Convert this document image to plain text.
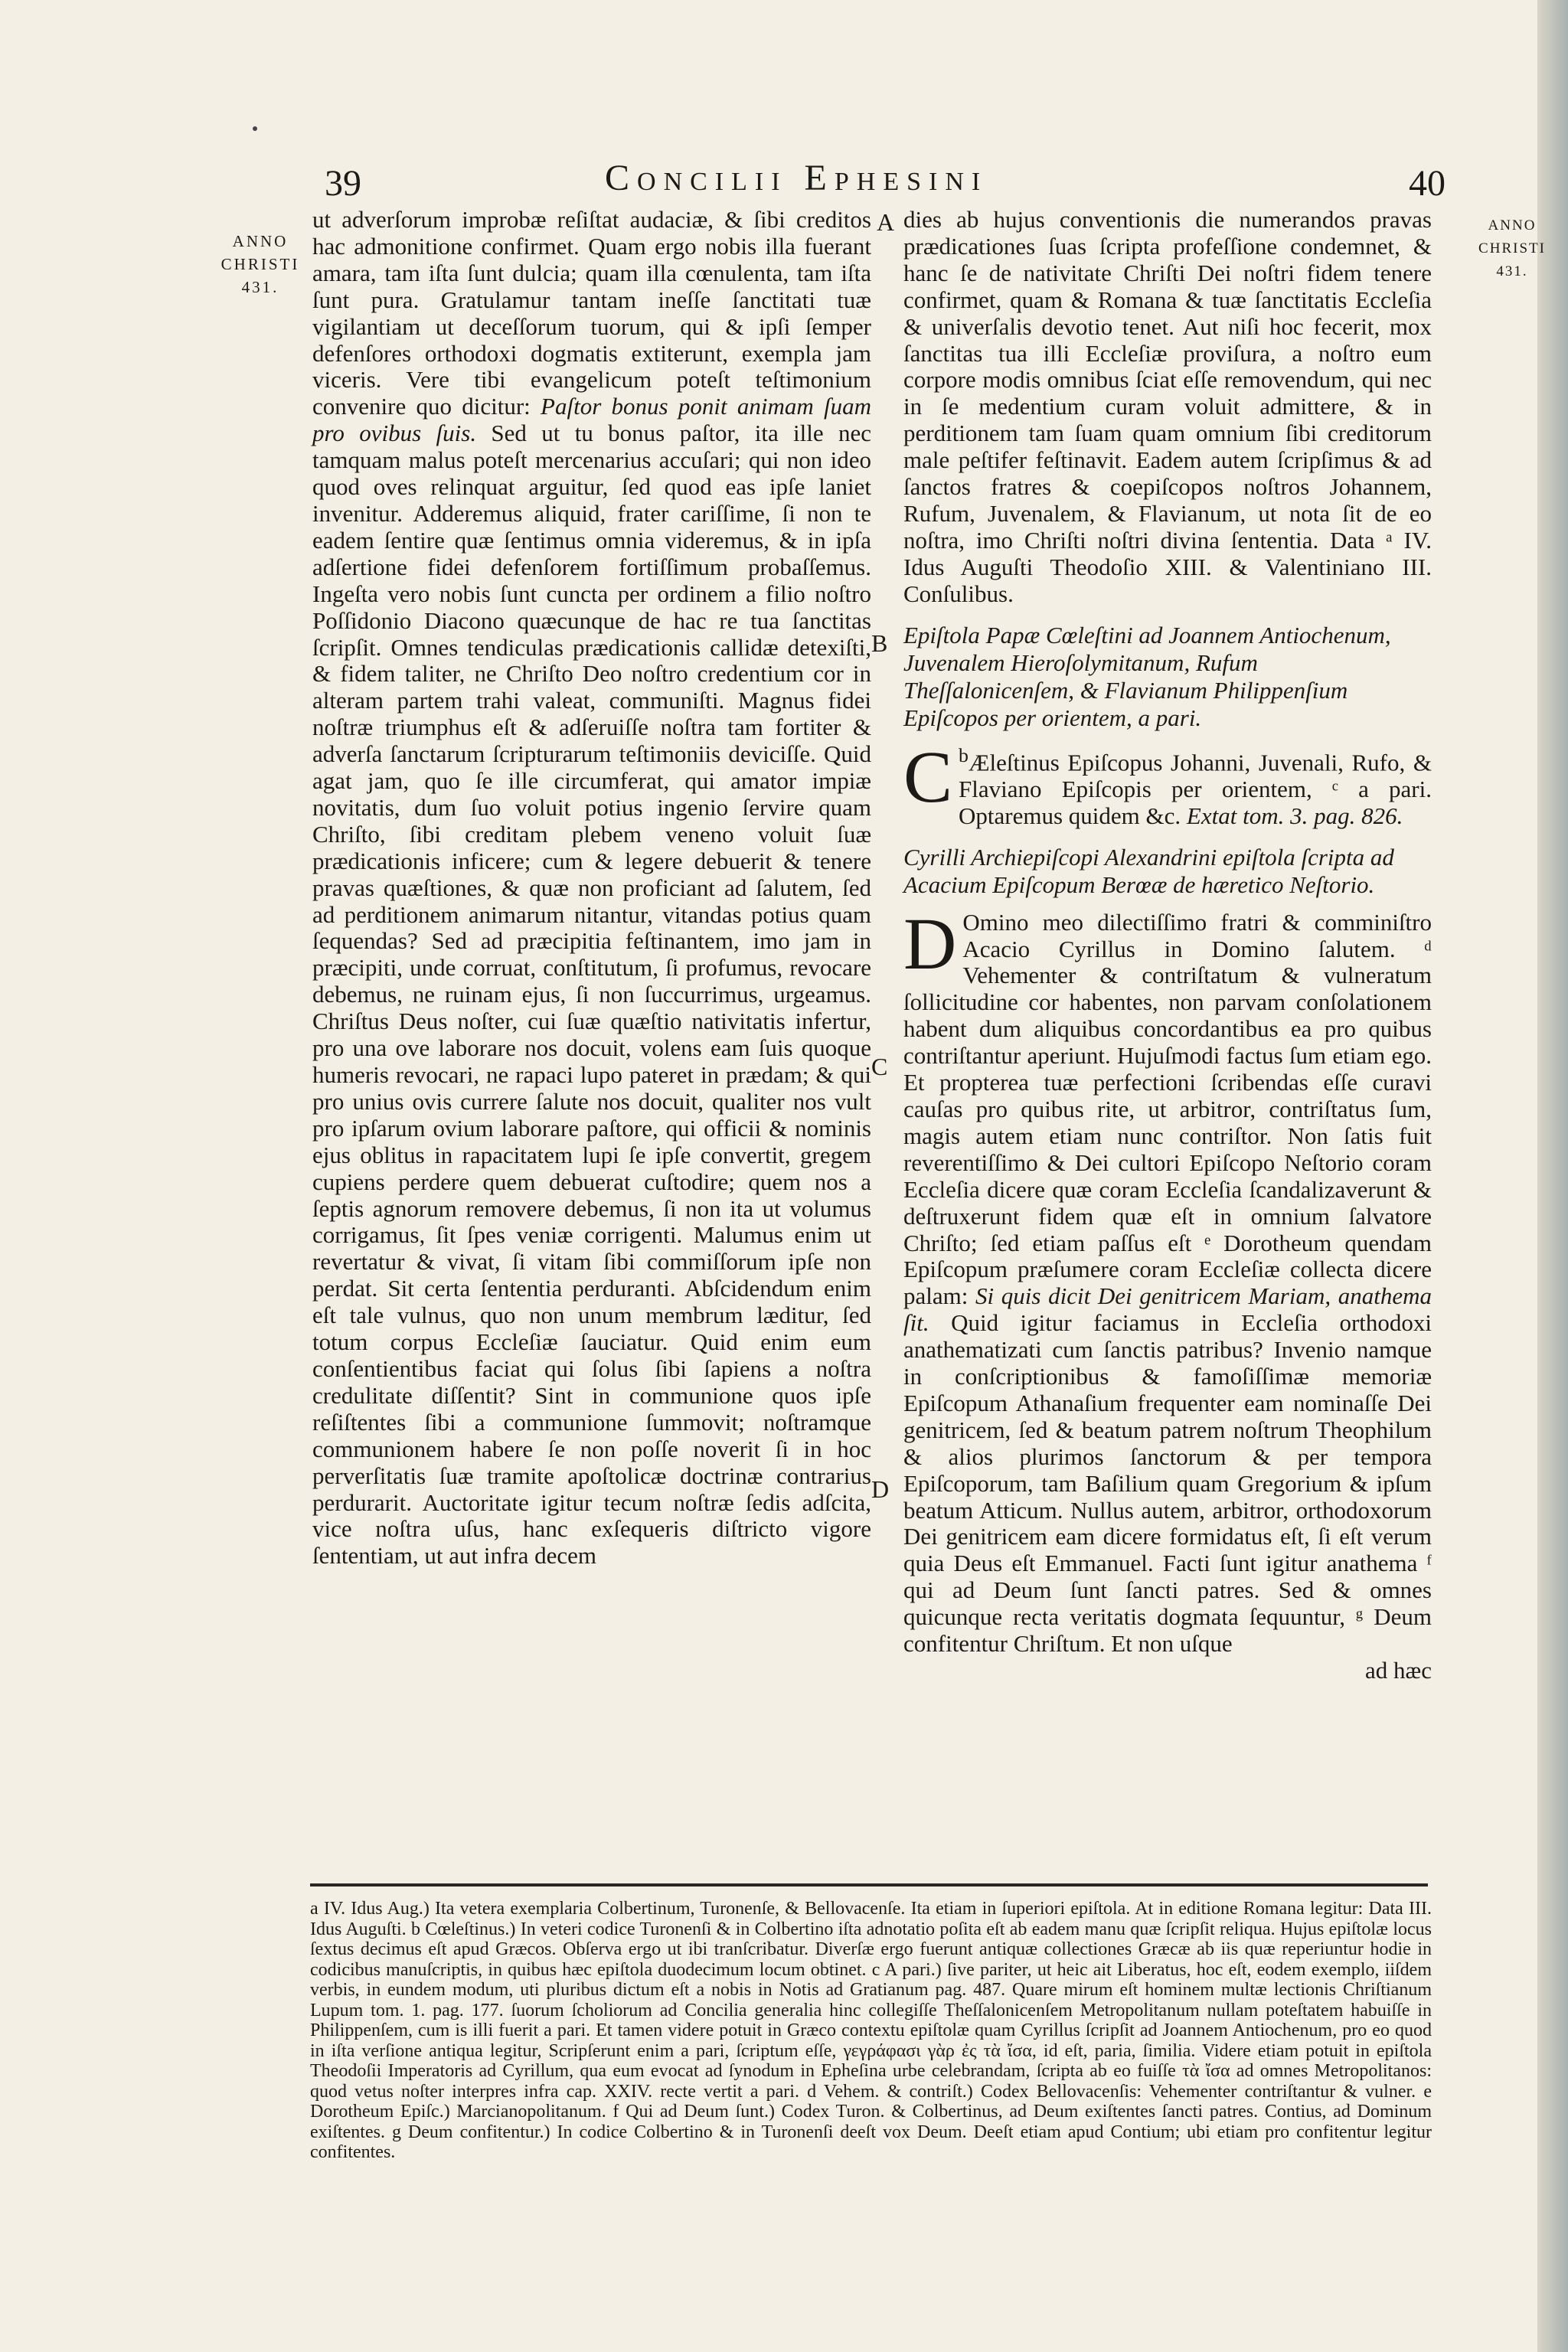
39	Concilii Ephesini	40
ANNO
CHRISTI
431.
ANNO
CHRISTI
431.
A
B
C
D

ut adverſorum improbæ reſiſtat audaciæ, & ſibi creditos hac admonitione confirmet. Quam ergo nobis illa fuerant amara, tam iſta ſunt dulcia; quam illa cœnulenta, tam iſta ſunt pura. Gratulamur tantam ineſſe ſanctitati tuæ vigilantiam ut deceſſorum tuorum, qui & ipſi ſemper defenſores orthodoxi dogmatis extiterunt, exempla jam viceris. Vere tibi evangelicum poteſt teſtimonium convenire quo dicitur: Paſtor bonus ponit animam ſuam pro ovibus ſuis. Sed ut tu bonus paſtor, ita ille nec tamquam malus poteſt mercenarius accuſari; qui non ideo quod oves relinquat arguitur, ſed quod eas ipſe laniet invenitur. Adderemus aliquid, frater cariſſime, ſi non te eadem ſentire quæ ſentimus omnia videremus, & in ipſa adſertione fidei defenſorem fortiſſimum probaſſemus. Ingeſta vero nobis ſunt cuncta per ordinem a filio noſtro Poſſidonio Diacono quæcunque de hac re tua ſanctitas ſcripſit. Omnes tendiculas prædicationis callidæ detexiſti, & fidem taliter, ne Chriſto Deo noſtro credentium cor in alteram partem trahi valeat, communiſti. Magnus fidei noſtræ triumphus eſt & adſeruiſſe noſtra tam fortiter & adverſa ſanctarum ſcripturarum teſtimoniis deviciſſe. Quid agat jam, quo ſe ille circumferat, qui amator impiæ novitatis, dum ſuo voluit potius ingenio ſervire quam Chriſto, ſibi creditam plebem veneno voluit ſuæ prædicationis inficere; cum & legere debuerit & tenere pravas quæſtiones, & quæ non proficiant ad ſalutem, ſed ad perditionem animarum nitantur, vitandas potius quam ſequendas? Sed ad præcipitia feſtinantem, imo jam in præcipiti, unde corruat, conſtitutum, ſi profumus, revocare debemus, ne ruinam ejus, ſi non ſuccurrimus, urgeamus. Chriſtus Deus noſter, cui ſuæ quæſtio nativitatis infertur, pro una ove laborare nos docuit, volens eam ſuis quoque humeris revocari, ne rapaci lupo pateret in prædam; & qui pro unius ovis currere ſalute nos docuit, qualiter nos vult pro ipſarum ovium laborare paſtore, qui officii & nominis ejus oblitus in rapacitatem lupi ſe ipſe convertit, gregem cupiens perdere quem debuerat cuſtodire; quem nos a ſeptis agnorum removere debemus, ſi non ita ut volumus corrigamus, ſit ſpes veniæ corrigenti. Malumus enim ut revertatur & vivat, ſi vitam ſibi commiſſorum ipſe non perdat. Sit certa ſententia perduranti. Abſcidendum enim eſt tale vulnus, quo non unum membrum læditur, ſed totum corpus Eccleſiæ ſauciatur. Quid enim eum conſentientibus faciat qui ſolus ſibi ſapiens a noſtra credulitate diſſentit? Sint in communione quos ipſe reſiſtentes ſibi a communione ſummovit; noſtramque communionem habere ſe non poſſe noverit ſi in hoc perverſitatis ſuæ tramite apoſtolicæ doctrinæ contrarius perdurarit. Auctoritate igitur tecum noſtræ ſedis adſcita, vice noſtra uſus, hanc exſequeris diſtricto vigore ſententiam, ut aut infra decem

dies ab hujus conventionis die numerandos pravas prædicationes ſuas ſcripta profeſſione condemnet, & hanc ſe de nativitate Chriſti Dei noſtri fidem tenere confirmet, quam & Romana & tuæ ſanctitatis Eccleſia & univerſalis devotio tenet. Aut niſi hoc fecerit, mox ſanctitas tua illi Eccleſiæ proviſura, a noſtro eum corpore modis omnibus ſciat eſſe removendum, qui nec in ſe medentium curam voluit admittere, & in perditionem tam ſuam quam omnium ſibi creditorum male peſtifer feſtinavit. Eadem autem ſcripſimus & ad ſanctos fratres & coepiſcopos noſtros Johannem, Rufum, Juvenalem, & Flavianum, ut nota ſit de eo noſtra, imo Chriſti noſtri divina ſententia. Data ᵃ IV. Idus Auguſti Theodoſio XIII. & Valentiniano III. Conſulibus.

Epiſtola Papæ Cœleſtini ad Joannem Antiochenum, Juvenalem Hieroſolymitanum, Rufum Theſſalonicenſem, & Flavianum Philippenſium Epiſcopos per orientem, a pari.

$^b$
C Æleſtinus Epiſcopus Johanni, Juvenali, Rufo, & Flaviano Epiſcopis per orientem, ᶜ a pari. Optaremus quidem &c. Extat tom. 3. pag. 826.

Cyrilli Archiepiſcopi Alexandrini epiſtola ſcripta ad Acacium Epiſcopum Berœæ de hæretico Neſtorio.

D Omino meo dilectiſſimo fratri & comminiſtro Acacio Cyrillus in Domino ſalutem. ᵈ Vehementer & contriſtatum & vulneratum ſollicitudine cor habentes, non parvam conſolationem habent dum aliquibus concordantibus ea pro quibus contriſtantur aperiunt. Hujuſmodi factus ſum etiam ego. Et propterea tuæ perfectioni ſcribendas eſſe curavi cauſas pro quibus rite, ut arbitror, contriſtatus ſum, magis autem etiam nunc contriſtor. Non ſatis fuit reverentiſſimo & Dei cultori Epiſcopo Neſtorio coram Eccleſia dicere quæ coram Eccleſia ſcandalizaverunt & deſtruxerunt fidem quæ eſt in omnium ſalvatore Chriſto; ſed etiam paſſus eſt ᵉ Dorotheum quendam Epiſcopum præſumere coram Eccleſiæ collecta dicere palam: Si quis dicit Dei genitricem Mariam, anathema ſit. Quid igitur faciamus in Eccleſia orthodoxi anathematizati cum ſanctis patribus? Invenio namque in conſcriptionibus & famoſiſſimæ memoriæ Epiſcopum Athanaſium frequenter eam nominaſſe Dei genitricem, ſed & beatum patrem noſtrum Theophilum & alios plurimos ſanctorum & per tempora Epiſcoporum, tam Baſilium quam Gregorium & ipſum beatum Atticum. Nullus autem, arbitror, orthodoxorum Dei genitricem eam dicere formidatus eſt, ſi eſt verum quia Deus eſt Emmanuel. Facti ſunt igitur anathema ᶠ qui ad Deum ſunt ſancti patres. Sed & omnes quicunque recta veritatis dogmata ſequuntur, ᵍ Deum confitentur Chriſtum. Et non uſque

ad hæc

a IV. Idus Aug.) Ita vetera exemplaria Colbertinum, Turonenſe, & Bellovacenſe. Ita etiam in ſuperiori epiſtola. At in editione Romana legitur: Data III. Idus Auguſti. b Cœleſtinus.) In veteri codice Turonenſi & in Colbertino iſta adnotatio poſita eſt ab eadem manu quæ ſcripſit reliqua. Hujus epiſtolæ locus ſextus decimus eſt apud Græcos. Obſerva ergo ut ibi tranſcribatur. Diverſæ ergo fuerunt antiquæ collectiones Græcæ ab iis quæ reperiuntur hodie in codicibus manuſcriptis, in quibus hæc epiſtola duodecimum locum obtinet. c A pari.) ſive pariter, ut heic ait Liberatus, hoc eſt, eodem exemplo, iiſdem verbis, in eundem modum, uti pluribus dictum eſt a nobis in Notis ad Gratianum pag. 487. Quare mirum eſt hominem multæ lectionis Chriſtianum Lupum tom. 1. pag. 177. ſuorum ſcholiorum ad Concilia generalia hinc collegiſſe Theſſalonicenſem Metropolitanum nullam poteſtatem habuiſſe in Philippenſem, cum is illi fuerit a pari. Et tamen videre potuit in Græco contextu epiſtolæ quam Cyrillus ſcripſit ad Joannem Antiochenum, pro eo quod in iſta verſione antiqua legitur, Scripſerunt enim a pari, ſcriptum eſſe, γεγράφασι γὰρ ἐς τὰ ἴσα, id eſt, paria, ſimilia. Videre etiam potuit in epiſtola Theodoſii Imperatoris ad Cyrillum, qua eum evocat ad ſynodum in Epheſina urbe celebrandam, ſcripta ab eo fuiſſe τὰ ἴσα ad omnes Metropolitanos: quod vetus noſter interpres infra cap. XXIV. recte vertit a pari. d Vehem. & contriſt.) Codex Bellovacenſis: Vehementer contriſtantur & vulner. e Dorotheum Epiſc.) Marcianopolitanum. f Qui ad Deum ſunt.) Codex Turon. & Colbertinus, ad Deum exiſtentes ſancti patres. Contius, ad Dominum exiſtentes. g Deum confitentur.) In codice Colbertino & in Turonenſi deeſt vox Deum. Deeſt etiam apud Contium; ubi etiam pro confitentur legitur confitentes.
